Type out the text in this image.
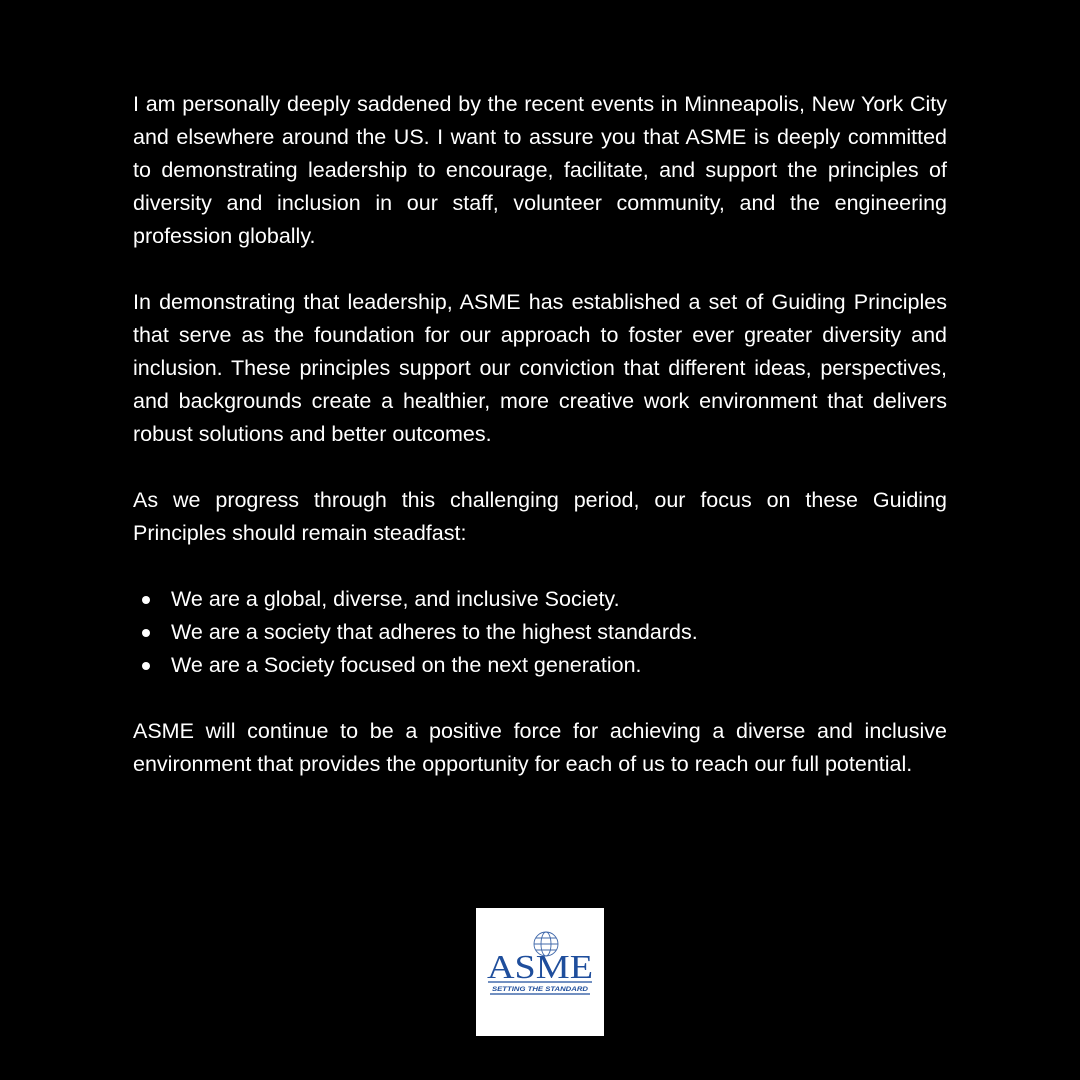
I am personally deeply saddened by the recent events in Minneapolis, New York City and elsewhere around the US. I want to assure you that ASME is deeply committed to demonstrating leadership to encourage, facilitate, and support the principles of diversity and inclusion in our staff, volunteer community, and the engineering profession globally.

In demonstrating that leadership, ASME has established a set of Guiding Principles that serve as the foundation for our approach to foster ever greater diversity and inclusion. These principles support our conviction that different ideas, perspectives, and backgrounds create a healthier, more creative work environment that delivers robust solutions and better outcomes.

As we progress through this challenging period, our focus on these Guiding Principles should remain steadfast:

We are a global, diverse, and inclusive Society.
We are a society that adheres to the highest standards.
We are a Society focused on the next generation.

ASME will continue to be a positive force for achieving a diverse and inclusive environment that provides the opportunity for each of us to reach our full potential.

ASME
SETTING THE STANDARD
